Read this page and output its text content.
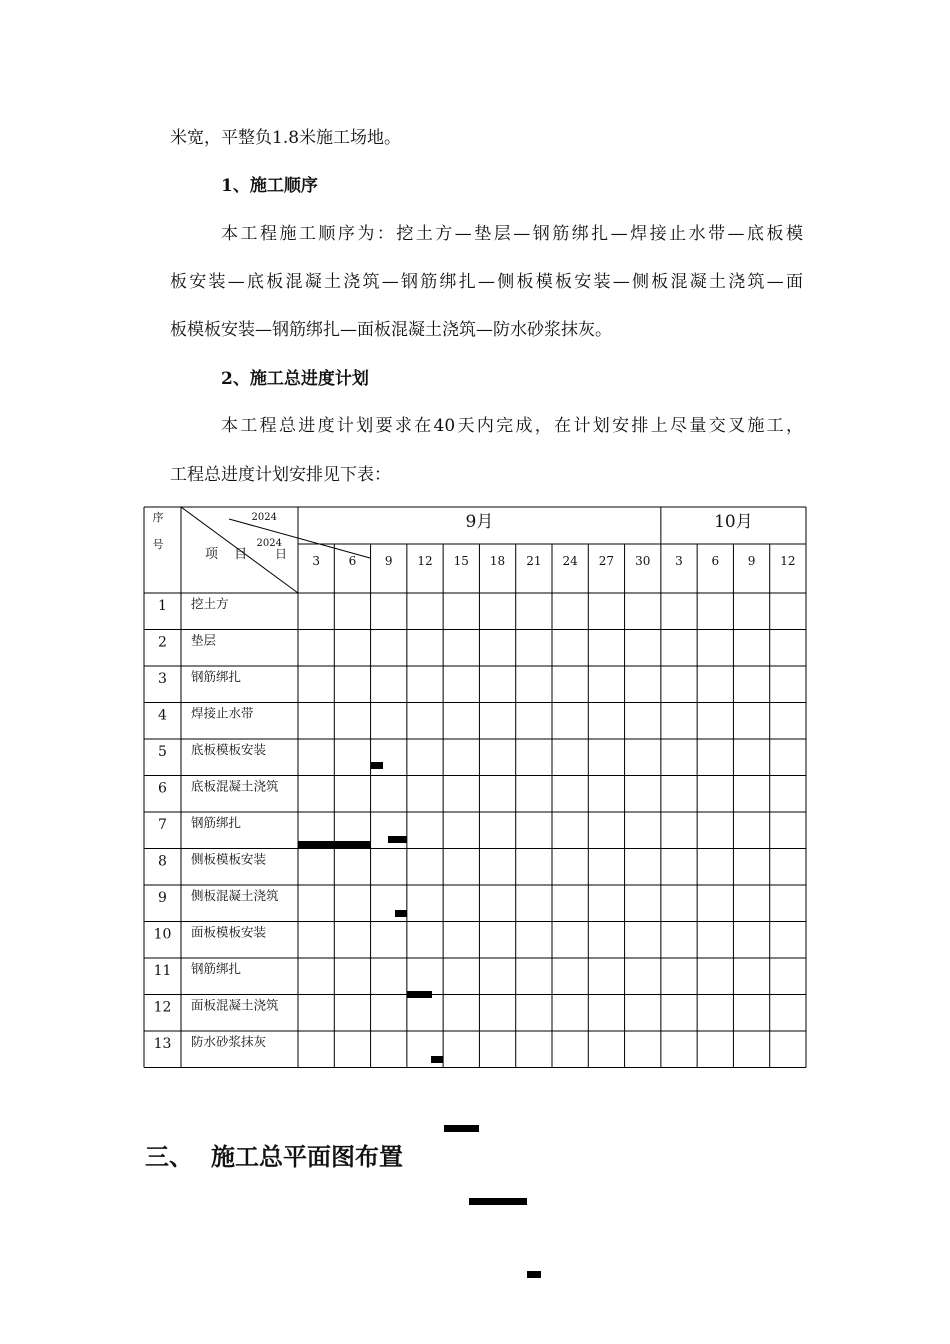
米宽，平整负1.8米施工场地。

1、施工顺序

本工程施工顺序为：挖土方—垫层—钢筋绑扎—焊接止水带—底板模

板安装—底板混凝土浇筑—钢筋绑扎—侧板模板安装—侧板混凝土浇筑—面

板模板安装—钢筋绑扎—面板混凝土浇筑—防水砂浆抹灰。

2、施工总进度计划

本工程总进度计划要求在40天内完成，在计划安排上尽量交叉施工，

工程总进度计划安排见下表：

序
号
2024
2024
项 目 日
9月	10月
3 6 9 12 15 18 21 24 27 30 3 6 9 12
1 挖土方
2 垫层
3 钢筋绑扎
4 焊接止水带
5 底板模板安装
6 底板混凝土浇筑
7 钢筋绑扎
8 侧板模板安装
9 侧板混凝土浇筑
10 面板模板安装
11 钢筋绑扎
12 面板混凝土浇筑
13 防水砂浆抹灰
三、 施工总平面图布置
